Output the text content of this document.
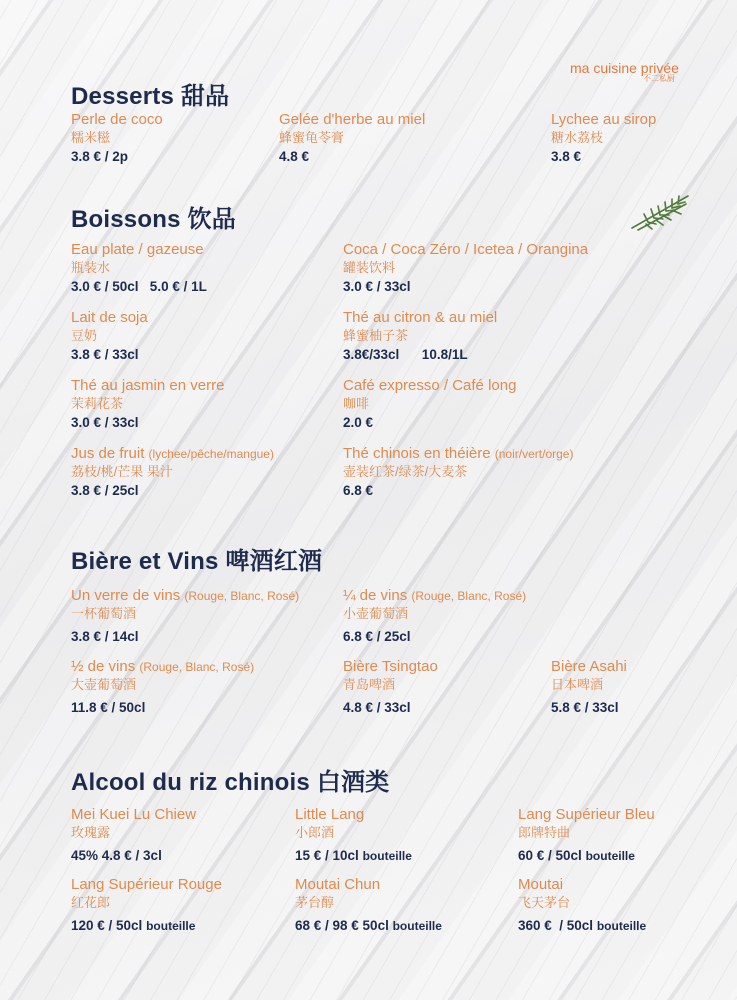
ma cuisine privée
不二私厨
Desserts 甜品
Perle de coco
糯米糍
3.8 € / 2p
Gelée d'herbe au miel
蜂蜜龟苓膏
4.8 €
Lychee au sirop
糖水荔枝
3.8 €
Boissons 饮品
Eau plate / gazeuse
瓶装水
3.0 € / 50cl   5.0 € / 1L
Coca / Coca Zéro / Icetea / Orangina
罐装饮料
3.0 € / 33cl
Lait de soja
豆奶
3.8 € / 33cl
Thé au citron & au miel
蜂蜜柚子茶
3.8€/33cl      10.8/1L
Thé au jasmin en verre
茉莉花茶
3.0 € / 33cl
Café expresso / Café long
咖啡
2.0 €
Jus de fruit (lychee/pêche/mangue)
荔枝/桃/芒果 果汁
3.8 € / 25cl
Thé chinois en théière (noir/vert/orge)
壶装红茶/绿茶/大麦茶
6.8 €
Bière et Vins 啤酒红酒
Un verre de vins (Rouge, Blanc, Rosé)
一杯葡萄酒
3.8 € / 14cl
¼ de vins (Rouge, Blanc, Rosé)
小壶葡萄酒
6.8 € / 25cl
½ de vins (Rouge, Blanc, Rosé)
大壶葡萄酒
11.8 € / 50cl
Bière Tsingtao
青岛啤酒
4.8 € / 33cl
Bière Asahi
日本啤酒
5.8 € / 33cl
Alcool du riz chinois 白酒类
Mei Kuei Lu Chiew
玫瑰露
45% 4.8 € / 3cl
Little Lang
小郎酒
15 € / 10cl bouteille
Lang Supérieur Bleu
郎牌特曲
60 € / 50cl bouteille
Lang Supérieur Rouge
红花郎
120 € / 50cl bouteille
Moutai Chun
茅台醇
68 € / 98 € 50cl bouteille
Moutai
飞天茅台
360 €  / 50cl bouteille
